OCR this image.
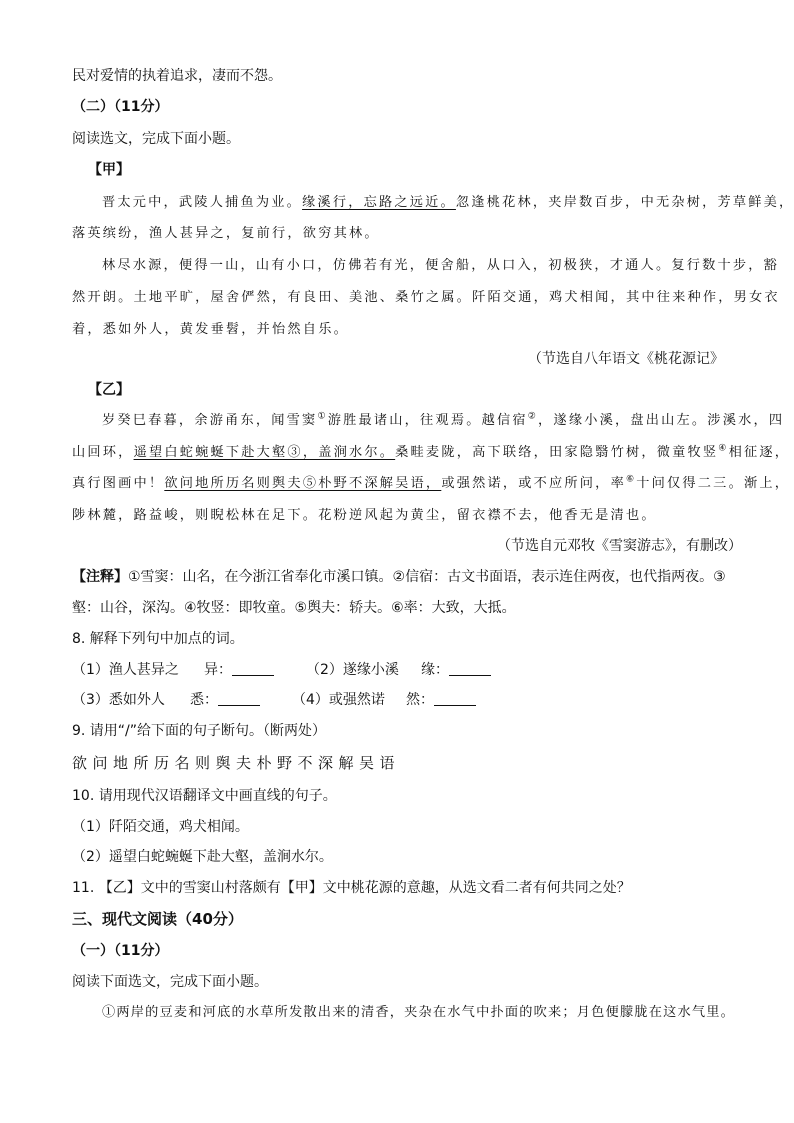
民对爱情的执着追求，凄而不怨。
（二）（11分）
阅读选文，完成下面小题。
【甲】
晋太元中，武陵人捕鱼为业。缘溪行，忘路之远近。忽逢桃花林，夹岸数百步，中无杂树，芳草鲜美，
落英缤纷，渔人甚异之，复前行，欲穷其林。
林尽水源，便得一山，山有小口，仿佛若有光，便舍船，从口入，初极狭，才通人。复行数十步，豁
然开朗。土地平旷，屋舍俨然，有良田、美池、桑竹之属。阡陌交通，鸡犬相闻，其中往来种作，男女衣
着，悉如外人，黄发垂髫，并怡然自乐。
（节选自八年语文《桃花源记》
【乙】
岁癸巳春暮，余游甬东，闻雪窦①游胜最诸山，往观焉。越信宿②，遂缘小溪，盘出山左。涉溪水，四
山回环，遥望白蛇蜿蜒下赴大壑③，盖涧水尔。桑畦麦陇，高下联络，田家隐翳竹树，微童牧竖④相征逐，
真行图画中！欲问地所历名则舆夫⑤朴野不深解吴语，或强然诺，或不应所问，率⑥十问仅得二三。渐上，
陟林麓，路益峻，则睨松林在足下。花粉逆风起为黄尘，留衣襟不去，他香无是清也。
（节选自元邓牧《雪窦游志》，有删改）
【注释】①雪窦：山名，在今浙江省奉化市溪口镇。②信宿：古文书面语，表示连住两夜，也代指两夜。③
壑：山谷，深沟。④牧竖：即牧童。⑤舆夫：轿夫。⑥率：大致，大抵。
8. 解释下列句中加点的词。
（1）渔人甚异之 异：	（2）遂缘小溪 缘：
（3）悉如外人 悉：	（4）或强然诺 然：
9. 请用“/”给下面的句子断句。（断两处）
欲问地所历名则舆夫朴野不深解吴语
10. 请用现代汉语翻译文中画直线的句子。
（1）阡陌交通，鸡犬相闻。
（2）遥望白蛇蜿蜒下赴大壑，盖涧水尔。
11. 【乙】文中的雪窦山村落颇有【甲】文中桃花源的意趣，从选文看二者有何共同之处？
三、现代文阅读（40分）
（一）（11分）
阅读下面选文，完成下面小题。
①两岸的豆麦和河底的水草所发散出来的清香，夹杂在水气中扑面的吹来；月色便朦胧在这水气里。
